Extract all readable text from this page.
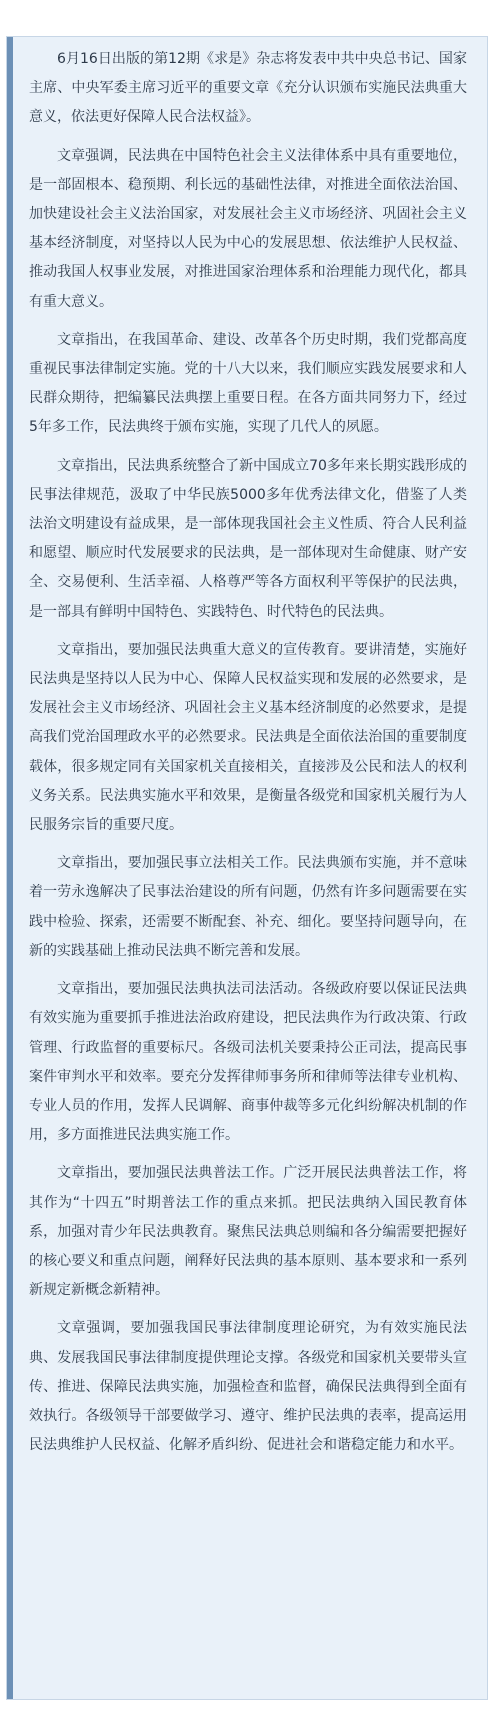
6月16日出版的第12期《求是》杂志将发表中共中央总书记、国家主席、中央军委主席习近平的重要文章《充分认识颁布实施民法典重大意义，依法更好保障人民合法权益》。

文章强调，民法典在中国特色社会主义法律体系中具有重要地位，是一部固根本、稳预期、利长远的基础性法律，对推进全面依法治国、加快建设社会主义法治国家，对发展社会主义市场经济、巩固社会主义基本经济制度，对坚持以人民为中心的发展思想、依法维护人民权益、推动我国人权事业发展，对推进国家治理体系和治理能力现代化，都具有重大意义。

文章指出，在我国革命、建设、改革各个历史时期，我们党都高度重视民事法律制定实施。党的十八大以来，我们顺应实践发展要求和人民群众期待，把编纂民法典摆上重要日程。在各方面共同努力下，经过5年多工作，民法典终于颁布实施，实现了几代人的夙愿。

文章指出，民法典系统整合了新中国成立70多年来长期实践形成的民事法律规范，汲取了中华民族5000多年优秀法律文化，借鉴了人类法治文明建设有益成果，是一部体现我国社会主义性质、符合人民利益和愿望、顺应时代发展要求的民法典，是一部体现对生命健康、财产安全、交易便利、生活幸福、人格尊严等各方面权利平等保护的民法典，是一部具有鲜明中国特色、实践特色、时代特色的民法典。

文章指出，要加强民法典重大意义的宣传教育。要讲清楚，实施好民法典是坚持以人民为中心、保障人民权益实现和发展的必然要求，是发展社会主义市场经济、巩固社会主义基本经济制度的必然要求，是提高我们党治国理政水平的必然要求。民法典是全面依法治国的重要制度载体，很多规定同有关国家机关直接相关，直接涉及公民和法人的权利义务关系。民法典实施水平和效果，是衡量各级党和国家机关履行为人民服务宗旨的重要尺度。

文章指出，要加强民事立法相关工作。民法典颁布实施，并不意味着一劳永逸解决了民事法治建设的所有问题，仍然有许多问题需要在实践中检验、探索，还需要不断配套、补充、细化。要坚持问题导向，在新的实践基础上推动民法典不断完善和发展。

文章指出，要加强民法典执法司法活动。各级政府要以保证民法典有效实施为重要抓手推进法治政府建设，把民法典作为行政决策、行政管理、行政监督的重要标尺。各级司法机关要秉持公正司法，提高民事案件审判水平和效率。要充分发挥律师事务所和律师等法律专业机构、专业人员的作用，发挥人民调解、商事仲裁等多元化纠纷解决机制的作用，多方面推进民法典实施工作。

文章指出，要加强民法典普法工作。广泛开展民法典普法工作，将其作为“十四五”时期普法工作的重点来抓。把民法典纳入国民教育体系，加强对青少年民法典教育。聚焦民法典总则编和各分编需要把握好的核心要义和重点问题，阐释好民法典的基本原则、基本要求和一系列新规定新概念新精神。

文章强调，要加强我国民事法律制度理论研究，为有效实施民法典、发展我国民事法律制度提供理论支撑。各级党和国家机关要带头宣传、推进、保障民法典实施，加强检查和监督，确保民法典得到全面有效执行。各级领导干部要做学习、遵守、维护民法典的表率，提高运用民法典维护人民权益、化解矛盾纠纷、促进社会和谐稳定能力和水平。
